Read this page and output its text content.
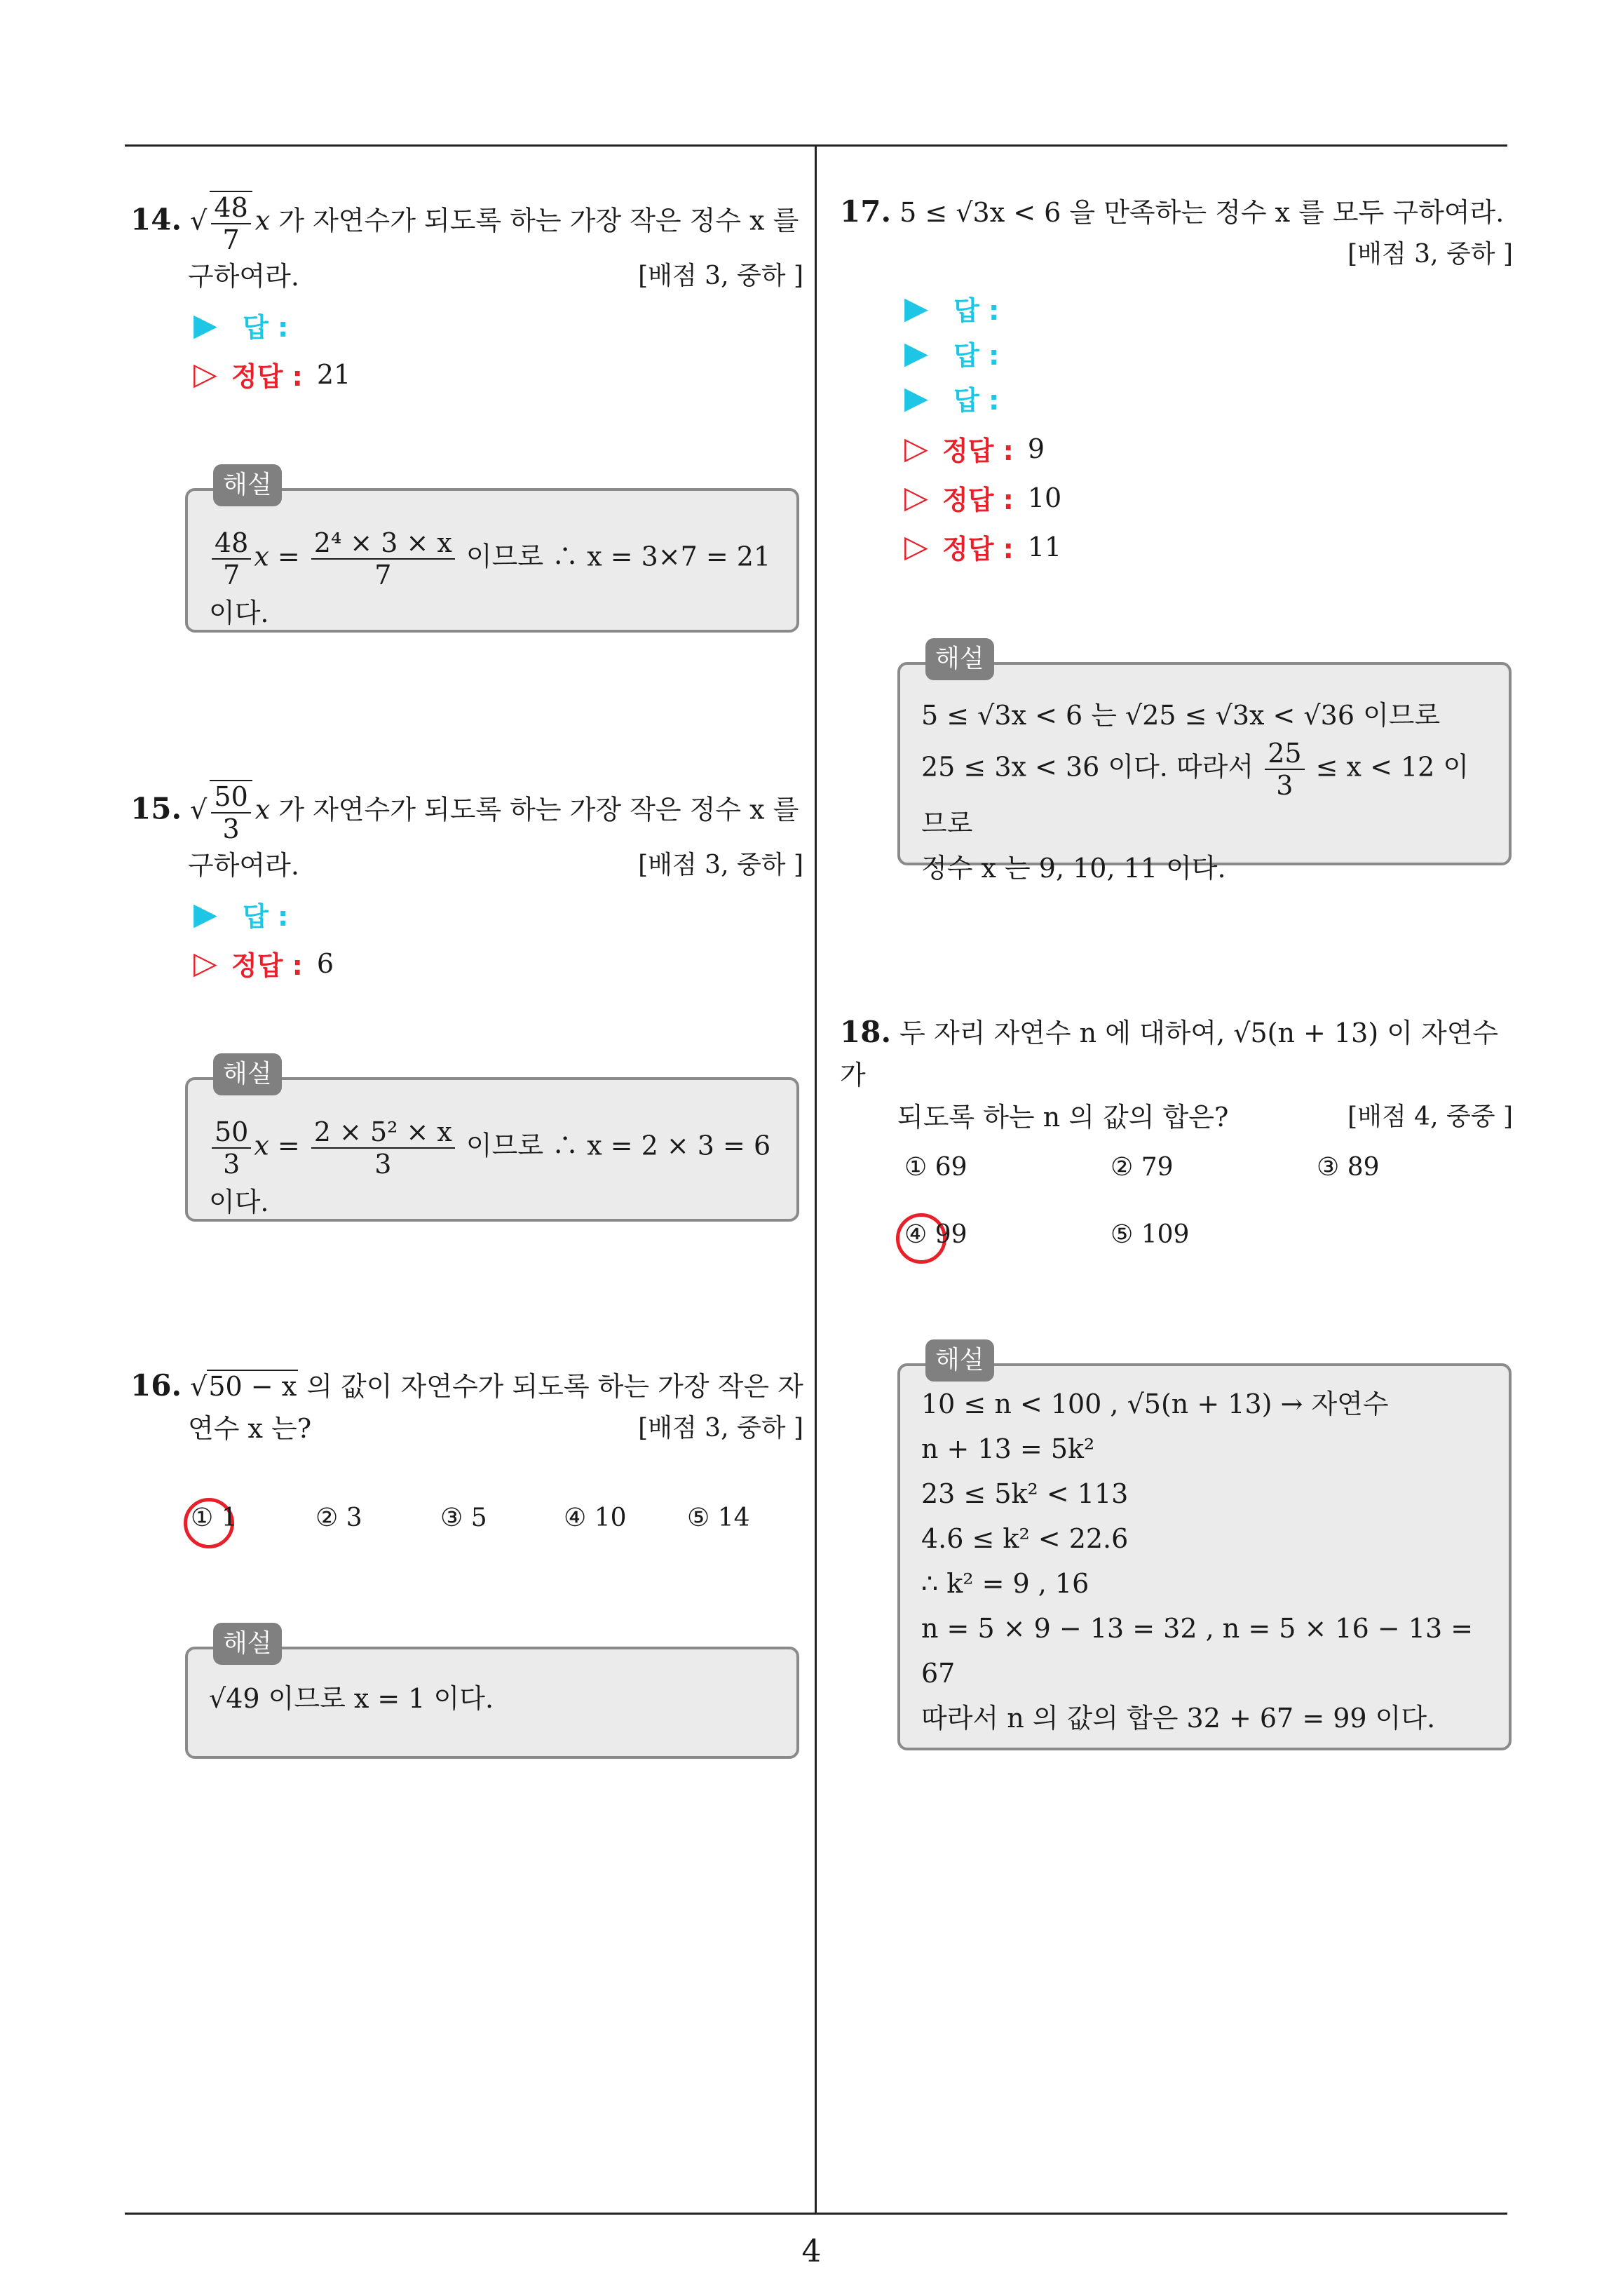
4
14. √ $\frac{48}{7}$ x 가 자연수가 되도록 하는 가장 작은 정수 x 를
구하여라.	[배점 3, 중하 ]
▶ 답 :
▷ 정답 : 21
해설
$\frac{48}{7}$ $x = \frac{\text{2⁴ × 3 × x}}{7}$ 이므로 ∴ x = 3×7 = 21 이다.
15. √ $\frac{50}{3}$ x 가 자연수가 되도록 하는 가장 작은 정수 x 를
구하여라.	[배점 3, 중하 ]
▶ 답 :
▷ 정답 : 6
해설
$\frac{50}{3}$ $x = \frac{\text{2 × 5² × x}}{3}$ 이므로 ∴ x = 2 × 3 = 6 이다.
16. √50 − x 의 값이 자연수가 되도록 하는 가장 작은 자
연수 x 는?	[배점 3, 중하 ]
① 1	② 3	③ 5	④ 10 ⑤ 14
해설
√49 이므로 x = 1 이다.
17. 5 ≤ √3x < 6 을 만족하는 정수 x 를 모두 구하여라.
[배점 3, 중하 ]
▶ 답 :
▶ 답 :
▶ 답 :
▷ 정답 : 9
▷ 정답 : 10
▷ 정답 : 11
해설
5 ≤ √3x < 6 는 √25 ≤ √3x < √36 이므로
25 ≤ 3x < 36 이다. 따라서 $\frac{25}{3} \le x < 12$ 이므로
정수 x 는 9, 10, 11 이다.
18. 두 자리 자연수 n 에 대하여, √5(n + 13) 이 자연수가
되도록 하는 n 의 값의 합은?	[배점 4, 중중 ]
① 69	② 79	③ 89
④ 99	⑤ 109
해설
10 ≤ n < 100 , √5(n + 13) → 자연수
n + 13 = 5k²
23 ≤ 5k² < 113
4.6 ≤ k² < 22.6
∴ k² = 9 , 16
n = 5 × 9 − 13 = 32 , n = 5 × 16 − 13 = 67
따라서 n 의 값의 합은 32 + 67 = 99 이다.
